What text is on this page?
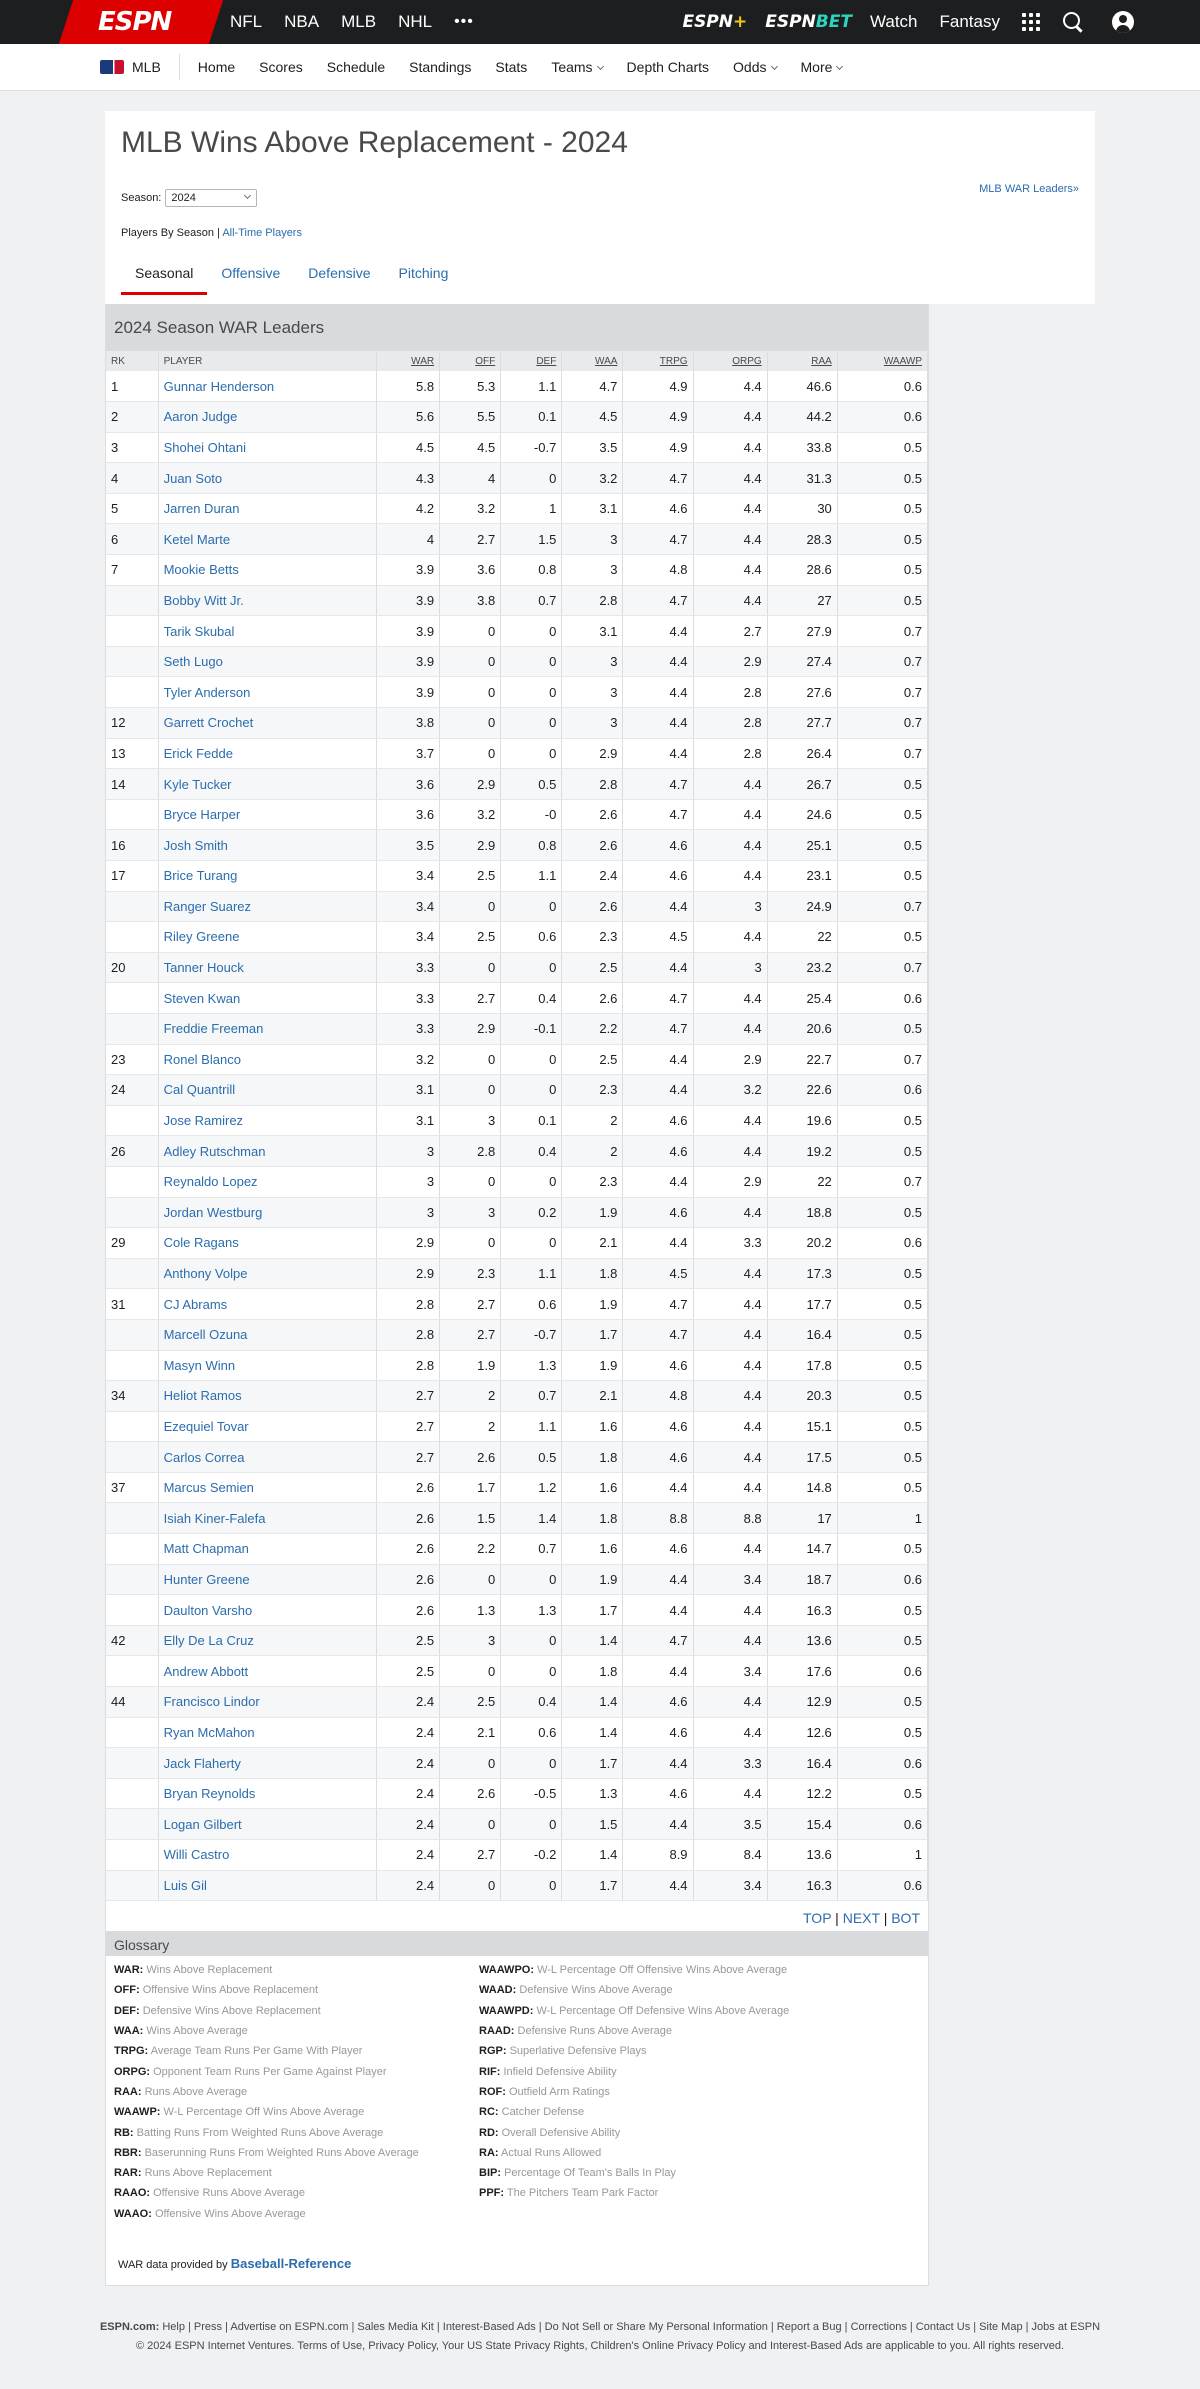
ESPN	NFL NBA MLB NHL •••	ESPN+ ESPNBET Watch Fantasy
MLB	Home Scores Schedule Standings Stats Teams	Depth Charts Odds	More
MLB Wins Above Replacement - 2024
Season: 2024
MLB WAR Leaders»
Players By Season | All-Time Players
Seasonal	Offensive	Defensive	Pitching
2024 Season WAR Leaders
RK	PLAYER	WAR	OFF	DEF	WAA	TRPG	ORPG	RAA	WAAWP
1	Gunnar Henderson	5.8	5.3	1.1	4.7	4.9	4.4	46.6	0.6
2	Aaron Judge	5.6	5.5	0.1	4.5	4.9	4.4	44.2	0.6
3	Shohei Ohtani	4.5	4.5	-0.7	3.5	4.9	4.4	33.8	0.5
4	Juan Soto	4.3	4	0	3.2	4.7	4.4	31.3	0.5
5	Jarren Duran	4.2	3.2	1	3.1	4.6	4.4	30	0.5
6	Ketel Marte	4	2.7	1.5	3	4.7	4.4	28.3	0.5
7	Mookie Betts	3.9	3.6	0.8	3	4.8	4.4	28.6	0.5
	Bobby Witt Jr.	3.9	3.8	0.7	2.8	4.7	4.4	27	0.5
	Tarik Skubal	3.9	0	0	3.1	4.4	2.7	27.9	0.7
	Seth Lugo	3.9	0	0	3	4.4	2.9	27.4	0.7
	Tyler Anderson	3.9	0	0	3	4.4	2.8	27.6	0.7
12	Garrett Crochet	3.8	0	0	3	4.4	2.8	27.7	0.7
13	Erick Fedde	3.7	0	0	2.9	4.4	2.8	26.4	0.7
14	Kyle Tucker	3.6	2.9	0.5	2.8	4.7	4.4	26.7	0.5
	Bryce Harper	3.6	3.2	-0	2.6	4.7	4.4	24.6	0.5
16	Josh Smith	3.5	2.9	0.8	2.6	4.6	4.4	25.1	0.5
17	Brice Turang	3.4	2.5	1.1	2.4	4.6	4.4	23.1	0.5
	Ranger Suarez	3.4	0	0	2.6	4.4	3	24.9	0.7
	Riley Greene	3.4	2.5	0.6	2.3	4.5	4.4	22	0.5
20	Tanner Houck	3.3	0	0	2.5	4.4	3	23.2	0.7
	Steven Kwan	3.3	2.7	0.4	2.6	4.7	4.4	25.4	0.6
	Freddie Freeman	3.3	2.9	-0.1	2.2	4.7	4.4	20.6	0.5
23	Ronel Blanco	3.2	0	0	2.5	4.4	2.9	22.7	0.7
24	Cal Quantrill	3.1	0	0	2.3	4.4	3.2	22.6	0.6
	Jose Ramirez	3.1	3	0.1	2	4.6	4.4	19.6	0.5
26	Adley Rutschman	3	2.8	0.4	2	4.6	4.4	19.2	0.5
	Reynaldo Lopez	3	0	0	2.3	4.4	2.9	22	0.7
	Jordan Westburg	3	3	0.2	1.9	4.6	4.4	18.8	0.5
29	Cole Ragans	2.9	0	0	2.1	4.4	3.3	20.2	0.6
	Anthony Volpe	2.9	2.3	1.1	1.8	4.5	4.4	17.3	0.5
31	CJ Abrams	2.8	2.7	0.6	1.9	4.7	4.4	17.7	0.5
	Marcell Ozuna	2.8	2.7	-0.7	1.7	4.7	4.4	16.4	0.5
	Masyn Winn	2.8	1.9	1.3	1.9	4.6	4.4	17.8	0.5
34	Heliot Ramos	2.7	2	0.7	2.1	4.8	4.4	20.3	0.5
	Ezequiel Tovar	2.7	2	1.1	1.6	4.6	4.4	15.1	0.5
	Carlos Correa	2.7	2.6	0.5	1.8	4.6	4.4	17.5	0.5
37	Marcus Semien	2.6	1.7	1.2	1.6	4.4	4.4	14.8	0.5
	Isiah Kiner-Falefa	2.6	1.5	1.4	1.8	8.8	8.8	17	1
	Matt Chapman	2.6	2.2	0.7	1.6	4.6	4.4	14.7	0.5
	Hunter Greene	2.6	0	0	1.9	4.4	3.4	18.7	0.6
	Daulton Varsho	2.6	1.3	1.3	1.7	4.4	4.4	16.3	0.5
42	Elly De La Cruz	2.5	3	0	1.4	4.7	4.4	13.6	0.5
	Andrew Abbott	2.5	0	0	1.8	4.4	3.4	17.6	0.6
44	Francisco Lindor	2.4	2.5	0.4	1.4	4.6	4.4	12.9	0.5
	Ryan McMahon	2.4	2.1	0.6	1.4	4.6	4.4	12.6	0.5
	Jack Flaherty	2.4	0	0	1.7	4.4	3.3	16.4	0.6
	Bryan Reynolds	2.4	2.6	-0.5	1.3	4.6	4.4	12.2	0.5
	Logan Gilbert	2.4	0	0	1.5	4.4	3.5	15.4	0.6
	Willi Castro	2.4	2.7	-0.2	1.4	8.9	8.4	13.6	1
	Luis Gil	2.4	0	0	1.7	4.4	3.4	16.3	0.6
TOP | NEXT | BOT
Glossary
WAR: Wins Above Replacement
OFF: Offensive Wins Above Replacement
DEF: Defensive Wins Above Replacement
WAA: Wins Above Average
TRPG: Average Team Runs Per Game With Player
ORPG: Opponent Team Runs Per Game Against Player
RAA: Runs Above Average
WAAWP: W-L Percentage Off Wins Above Average
RB: Batting Runs From Weighted Runs Above Average
RBR: Baserunning Runs From Weighted Runs Above Average
RAR: Runs Above Replacement
RAAO: Offensive Runs Above Average
WAAO: Offensive Wins Above Average
WAAWPO: W-L Percentage Off Offensive Wins Above Average
WAAD: Defensive Wins Above Average
WAAWPD: W-L Percentage Off Defensive Wins Above Average
RAAD: Defensive Runs Above Average
RGP: Superlative Defensive Plays
RIF: Infield Defensive Ability
ROF: Outfield Arm Ratings
RC: Catcher Defense
RD: Overall Defensive Ability
RA: Actual Runs Allowed
BIP: Percentage Of Team's Balls In Play
PPF: The Pitchers Team Park Factor
WAR data provided by Baseball-Reference
ESPN.com: Help | Press | Advertise on ESPN.com | Sales Media Kit | Interest-Based Ads | Do Not Sell or Share My Personal Information | Report a Bug | Corrections | Contact Us | Site Map | Jobs at ESPN
© 2024 ESPN Internet Ventures. Terms of Use, Privacy Policy, Your US State Privacy Rights, Children's Online Privacy Policy and Interest-Based Ads are applicable to you. All rights reserved.
